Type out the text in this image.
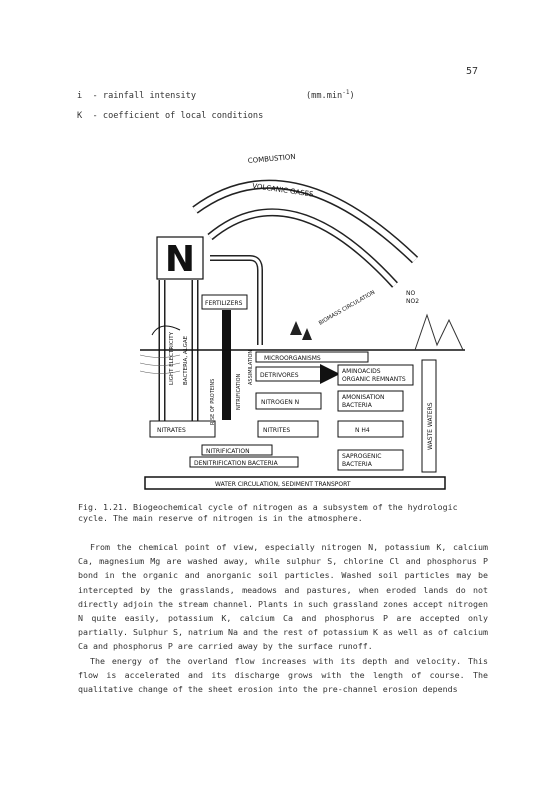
57
i - rainfall intensity	$(mm.\min^{-1})$
K - coefficient of local conditions
COMBUSTION
VOLCANIC GASES
N
LIGHT ELECTRICITY BACTERIA, ALGAE
FERTILIZERS	BIOMASS CIRCULATION	NO
NO2
MICROORGANISMS
DETRIVORES
AMINOACIDS
ORGANIC REMNANTS
NITROGEN N
AMONISATION
BACTERIA
NITRATES	NITRITES	N H4
RISE OF PROTEINS	NITRIFICATION
ASSIMILATION
NITRIFICATION
DENITRIFICATION BACTERIA
SAPROGENIC
BACTERIA
WASTE WATERS
WATER CIRCULATION, SEDIMENT TRANSPORT
Fig. 1.21. Biogeochemical cycle of nitrogen as a subsystem of the hydrologic cycle. The main reserve of nitrogen is in the atmosphere.

From the chemical point of view, especially nitrogen N, potassium K, calcium Ca, magnesium Mg are washed away, while sulphur S, chlorine Cl and phosphorus P bond in the organic and anorganic soil particles. Washed soil particles may be intercepted by the grasslands, meadows and pastures, when eroded lands do not directly adjoin the stream channel. Plants in such grassland zones accept nitrogen N quite easily, potassium K, calcium Ca and phosphorus P are accepted only partially. Sulphur S, natrium Na and the rest of potassium K as well as of calcium Ca and phosphorus P are carried away by the surface runoff.

The energy of the overland flow increases with its depth and velocity. This flow is accelerated and its discharge grows with the length of course. The qualitative change of the sheet erosion into the pre-channel erosion depends
